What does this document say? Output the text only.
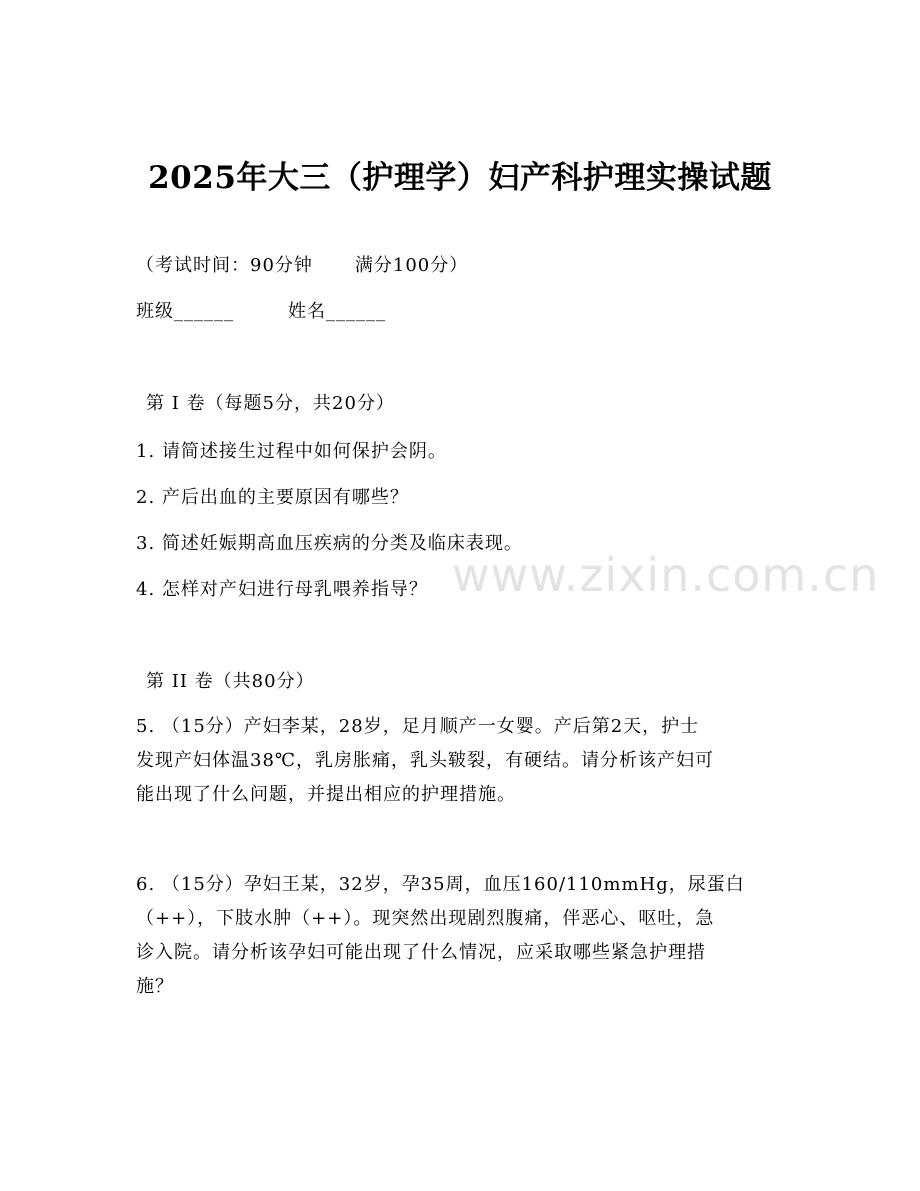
2025年大三（护理学）妇产科护理实操试题
（考试时间：90分钟 满分100分）
班级______	姓名______
第 I 卷（每题5分，共20分）
1. 请简述接生过程中如何保护会阴。
2. 产后出血的主要原因有哪些？
3. 简述妊娠期高血压疾病的分类及临床表现。
4. 怎样对产妇进行母乳喂养指导？
第 II 卷（共80分）

5. （15分）产妇李某，28岁，足月顺产一女婴。产后第2天，护士

发现产妇体温38℃，乳房胀痛，乳头皲裂，有硬结。请分析该产妇可

能出现了什么问题，并提出相应的护理措施。

6. （15分）孕妇王某，32岁，孕35周，血压160/110mmHg，尿蛋白

（++），下肢水肿（++）。现突然出现剧烈腹痛，伴恶心、呕吐，急

诊入院。请分析该孕妇可能出现了什么情况，应采取哪些紧急护理措

施？

www.zixin.com.cn
